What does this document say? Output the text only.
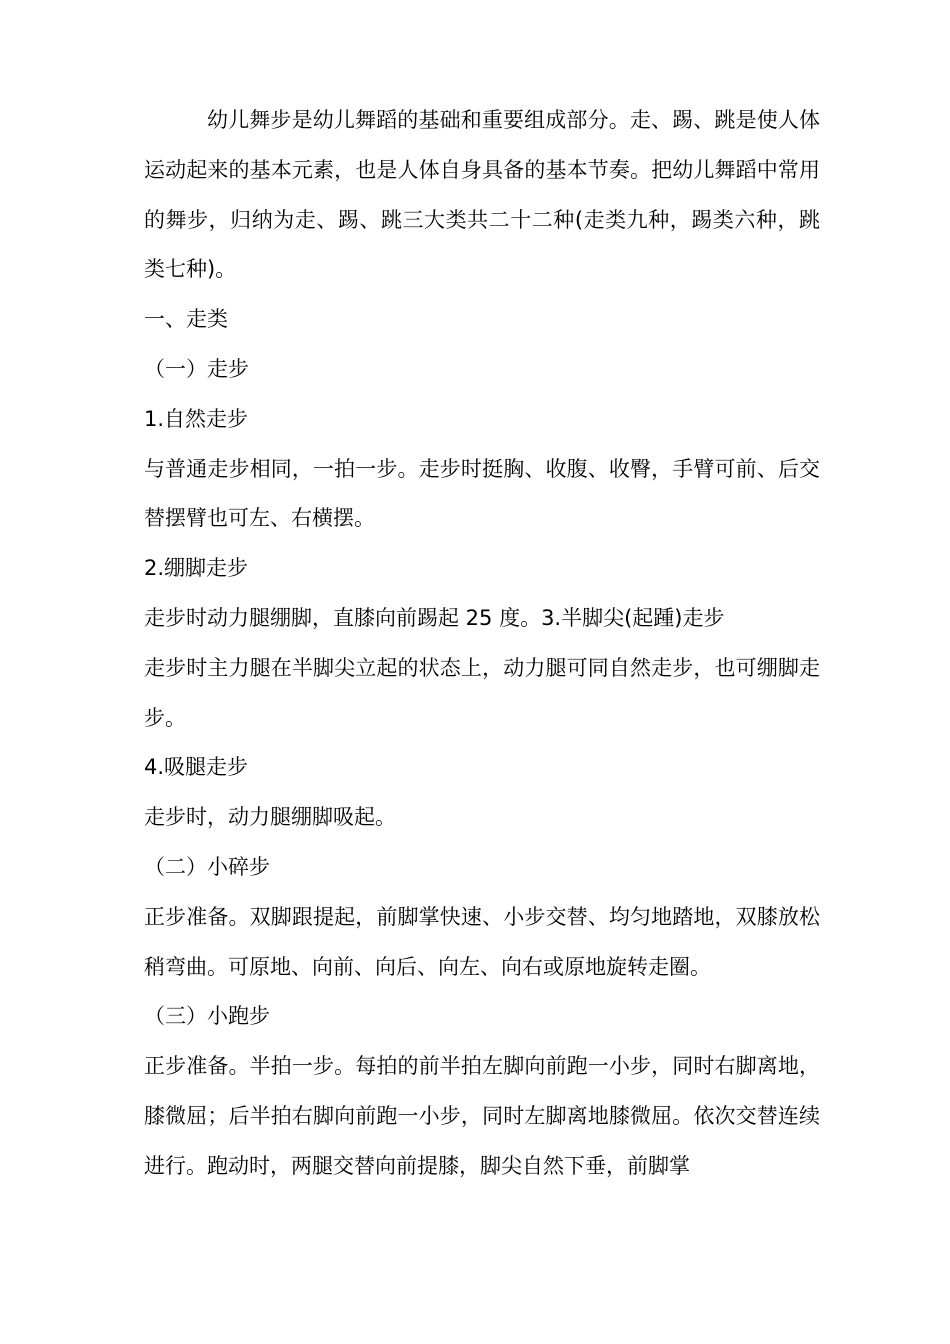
幼儿舞步是幼儿舞蹈的基础和重要组成部分。走、踢、跳是使人体运动起来的基本元素，也是人体自身具备的基本节奏。把幼儿舞蹈中常用的舞步，归纳为走、踢、跳三大类共二十二种(走类九种，踢类六种，跳类七种)。

一、走类

（一）走步

1.自然走步

与普通走步相同，一拍一步。走步时挺胸、收腹、收臀，手臂可前、后交替摆臂也可左、右横摆。

2.绷脚走步

走步时动力腿绷脚，直膝向前踢起 25 度。3.半脚尖(起踵)走步

走步时主力腿在半脚尖立起的状态上，动力腿可同自然走步，也可绷脚走步。

4.吸腿走步

走步时，动力腿绷脚吸起。

（二）小碎步

正步准备。双脚跟提起，前脚掌快速、小步交替、均匀地踏地，双膝放松稍弯曲。可原地、向前、向后、向左、向右或原地旋转走圈。

（三）小跑步

正步准备。半拍一步。每拍的前半拍左脚向前跑一小步，同时右脚离地，膝微屈；后半拍右脚向前跑一小步，同时左脚离地膝微屈。依次交替连续进行。跑动时，两腿交替向前提膝，脚尖自然下垂，前脚掌
